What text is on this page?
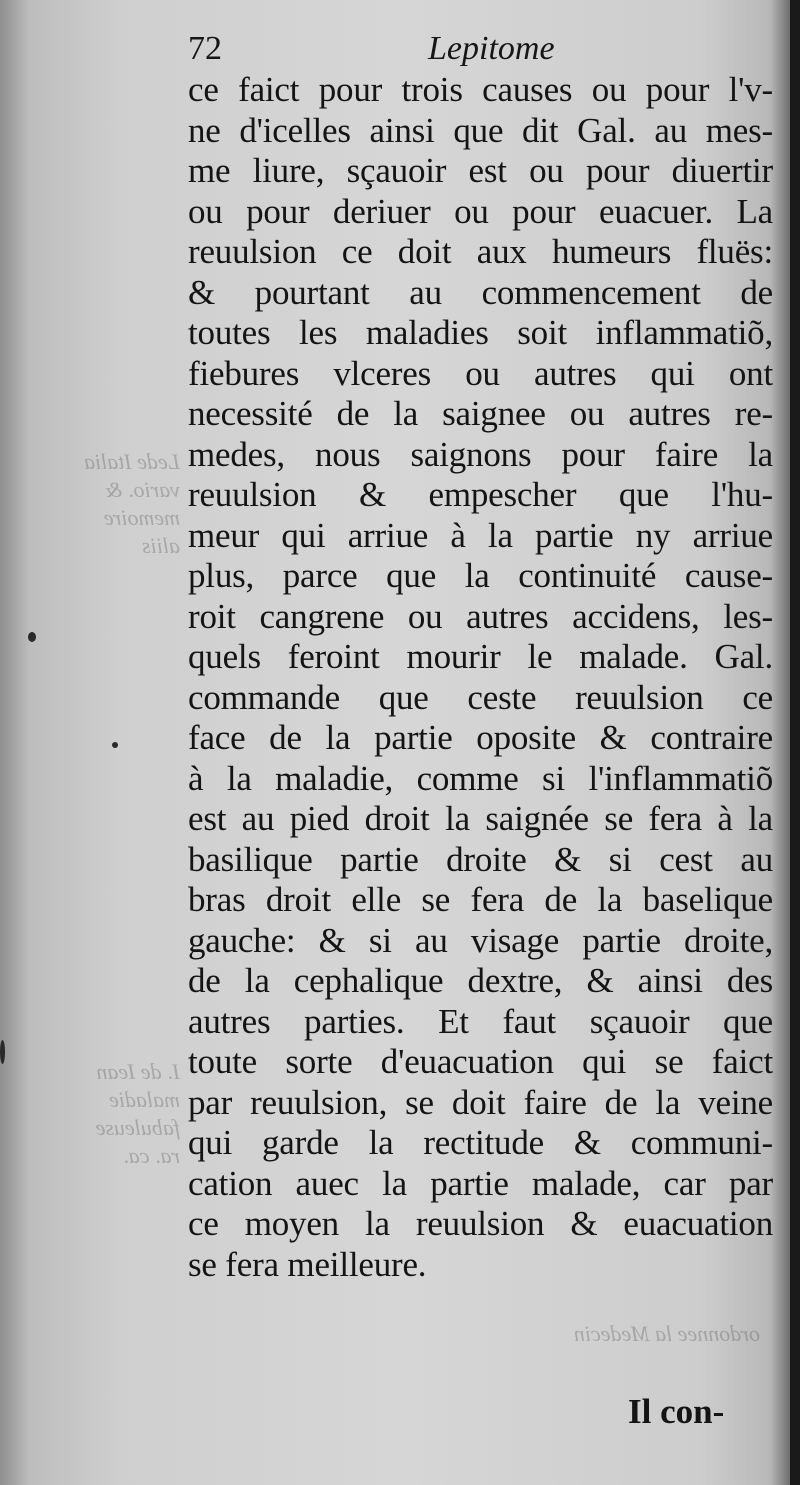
Lede Italia
vario. &
memoire
aliis
I. de Iean
maladie
fabuleuse
ra. ca.
ordonnee la Medecin
72	Lepitome
ce faict pour trois causes ou pour l'v-
ne d'icelles ainsi que dit Gal. au mes-
me liure, sçauoir est ou pour diuertir
ou pour deriuer ou pour euacuer. La
reuulsion ce doit aux humeurs fluës:
& pourtant au commencement de
toutes les maladies soit inflammatiõ,
fiebures vlceres ou autres qui ont
necessité de la saignee ou autres re-
medes, nous saignons pour faire la
reuulsion & empescher que l'hu-
meur qui arriue à la partie ny arriue
plus, parce que la continuité cause-
roit cangrene ou autres accidens, les-
quels feroint mourir le malade. Gal.
commande que ceste reuulsion ce
face de la partie oposite & contraire
à la maladie, comme si l'inflammatiõ
est au pied droit la saignée se fera à la
basilique partie droite & si cest au
bras droit elle se fera de la baselique
gauche: & si au visage partie droite,
de la cephalique dextre, & ainsi des
autres parties. Et faut sçauoir que
toute sorte d'euacuation qui se faict
par reuulsion, se doit faire de la veine
qui garde la rectitude & communi-
cation auec la partie malade, car par
ce moyen la reuulsion & euacuation
se fera meilleure.
Il con-
